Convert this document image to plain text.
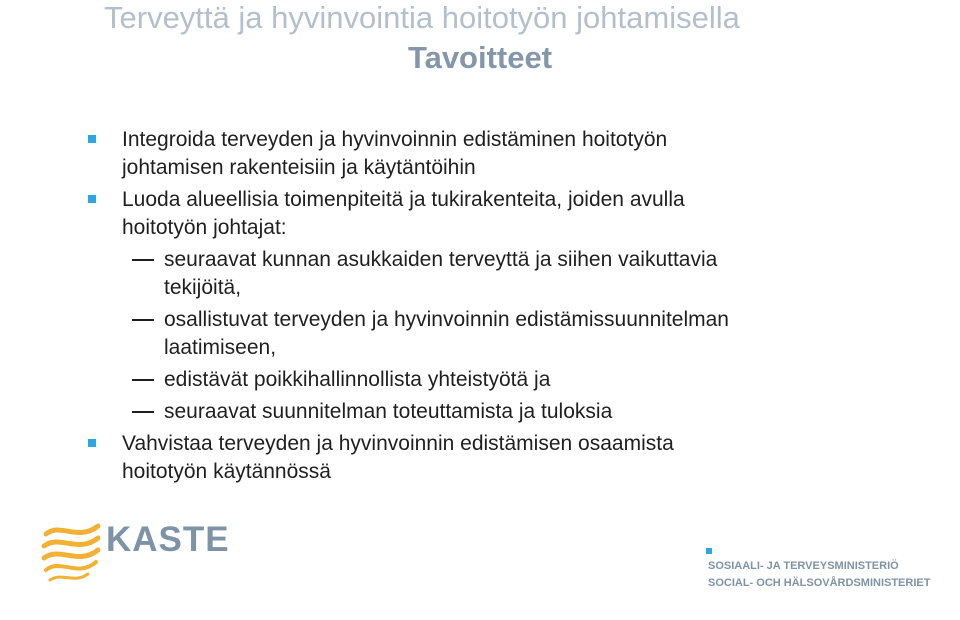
Terveyttä ja hyvinvointia hoitotyön johtamisella
Tavoitteet
Integroida terveyden ja hyvinvoinnin edistäminen hoitotyön
johtamisen rakenteisiin ja käytäntöihin
Luoda alueellisia toimenpiteitä ja tukirakenteita, joiden avulla
hoitotyön johtajat:
seuraavat kunnan asukkaiden terveyttä ja siihen vaikuttavia
tekijöitä,
osallistuvat terveyden ja hyvinvoinnin edistämissuunnitelman
laatimiseen,
edistävät poikkihallinnollista yhteistyötä ja
seuraavat suunnitelman toteuttamista ja tuloksia
Vahvistaa terveyden ja hyvinvoinnin edistämisen osaamista
hoitotyön käytännössä
KASTE
SOSIAALI- JA TERVEYSMINISTERIÖ
SOCIAL- OCH HÄLSOVÅRDSMINISTERIET
